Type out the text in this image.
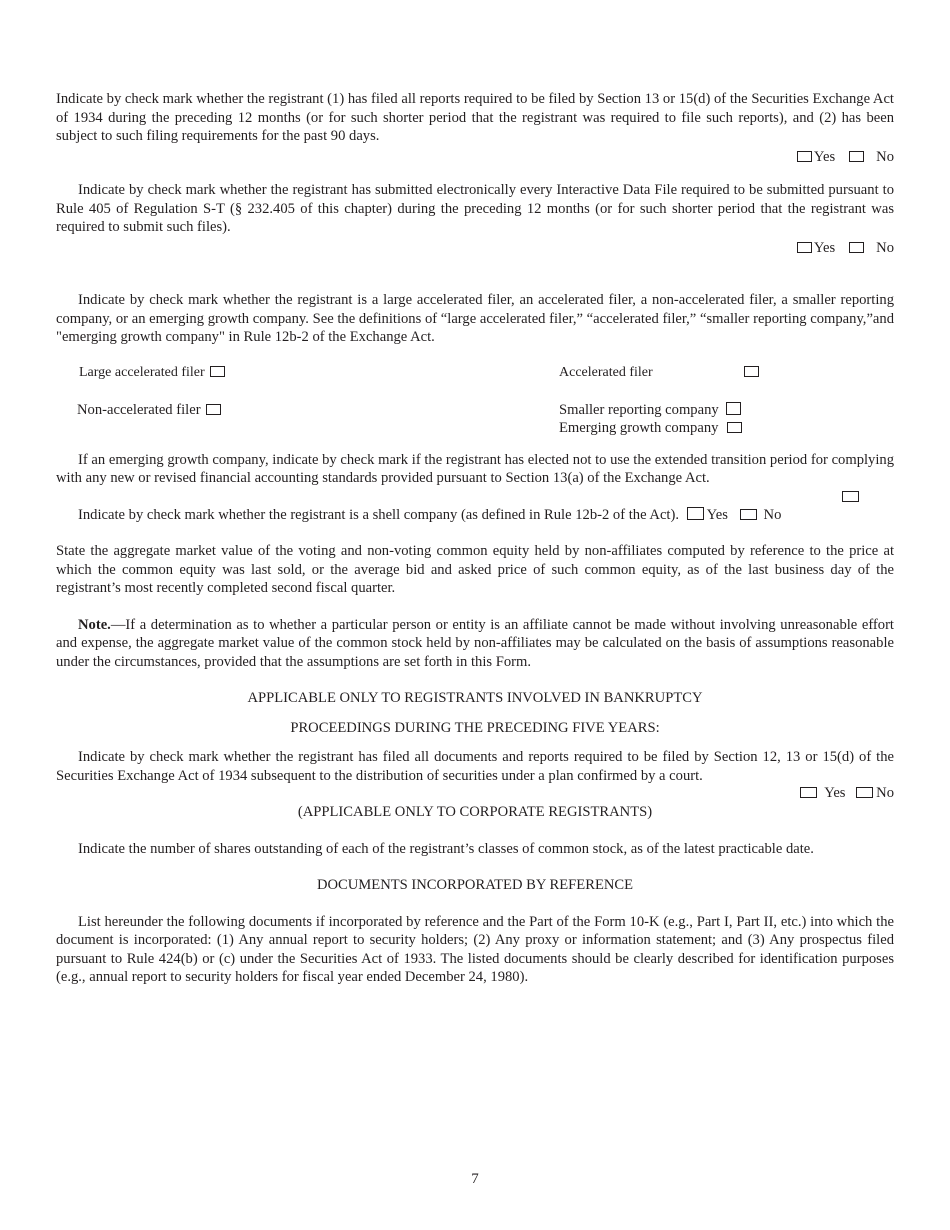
Indicate by check mark whether the registrant (1) has filed all reports required to be filed by Section 13 or 15(d) of the Securities Exchange Act of 1934 during the preceding 12 months (or for such shorter period that the registrant was required to file such reports), and (2) has been subject to such filing requirements for the past 90 days.

Yes	No

Indicate by check mark whether the registrant has submitted electronically every Interactive Data File required to be submitted pursuant to Rule 405 of Regulation S-T (§ 232.405 of this chapter) during the preceding 12 months (or for such shorter period that the registrant was required to submit such files).

Yes	No

Indicate by check mark whether the registrant is a large accelerated filer, an accelerated filer, a non-accelerated filer, a smaller reporting company, or an emerging growth company. See the definitions of “large accelerated filer,” “accelerated filer,” “smaller reporting company,”and "emerging growth company" in Rule 12b-2 of the Exchange Act.

Large accelerated filer	Accelerated filer
Non-accelerated filer	Smaller reporting company
Emerging growth company

If an emerging growth company, indicate by check mark if the registrant has elected not to use the extended transition period for complying with any new or revised financial accounting standards provided pursuant to Section 13(a) of the Exchange Act.

Indicate by check mark whether the registrant is a shell company (as defined in Rule 12b-2 of the Act). Yes No

State the aggregate market value of the voting and non-voting common equity held by non-affiliates computed by reference to the price at which the common equity was last sold, or the average bid and asked price of such common equity, as of the last business day of the registrant’s most recently completed second fiscal quarter.

Note.—If a determination as to whether a particular person or entity is an affiliate cannot be made without involving unreasonable effort and expense, the aggregate market value of the common stock held by non-affiliates may be calculated on the basis of assumptions reasonable under the circumstances, provided that the assumptions are set forth in this Form.

APPLICABLE ONLY TO REGISTRANTS INVOLVED IN BANKRUPTCY
PROCEEDINGS DURING THE PRECEDING FIVE YEARS:

Indicate by check mark whether the registrant has filed all documents and reports required to be filed by Section 12, 13 or 15(d) of the Securities Exchange Act of 1934 subsequent to the distribution of securities under a plan confirmed by a court.

Yes No
(APPLICABLE ONLY TO CORPORATE REGISTRANTS)

Indicate the number of shares outstanding of each of the registrant’s classes of common stock, as of the latest practicable date.

DOCUMENTS INCORPORATED BY REFERENCE

List hereunder the following documents if incorporated by reference and the Part of the Form 10-K (e.g., Part I, Part II, etc.) into which the document is incorporated: (1) Any annual report to security holders; (2) Any proxy or information statement; and (3) Any prospectus filed pursuant to Rule 424(b) or (c) under the Securities Act of 1933. The listed documents should be clearly described for identification purposes (e.g., annual report to security holders for fiscal year ended December 24, 1980).

7
